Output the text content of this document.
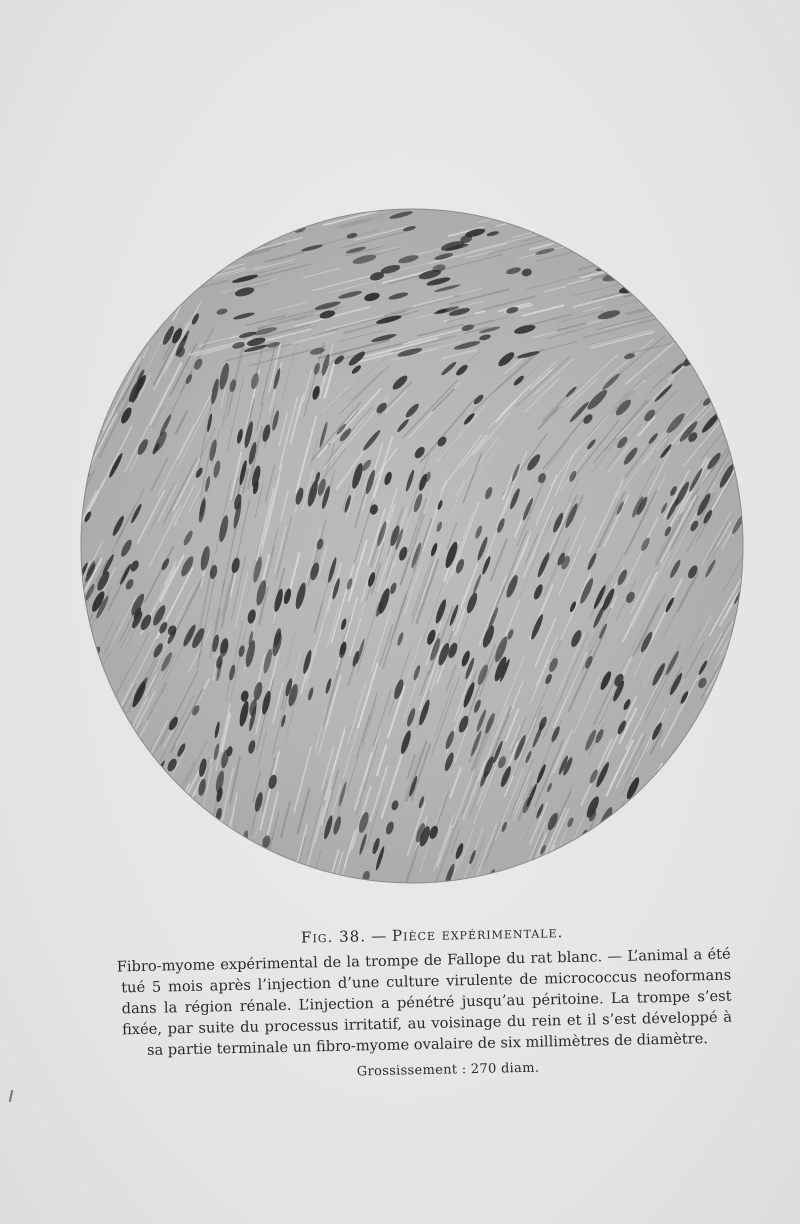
Fig. 38. — Pièce expérimentale.
Fibro-myome expérimental de la trompe de Fallope du rat blanc. — L’animal a été tué 5 mois après l’injection d’une culture virulente de micrococcus neoformans dans la région rénale. L’injection a pénétré jusqu’au péritoine. La trompe s’est fixée, par suite du processus irritatif, au voisinage du rein et il s’est développé à sa partie terminale un fibro-myome ovalaire de six millimètres de diamètre.
Grossissement : 270 diam.
